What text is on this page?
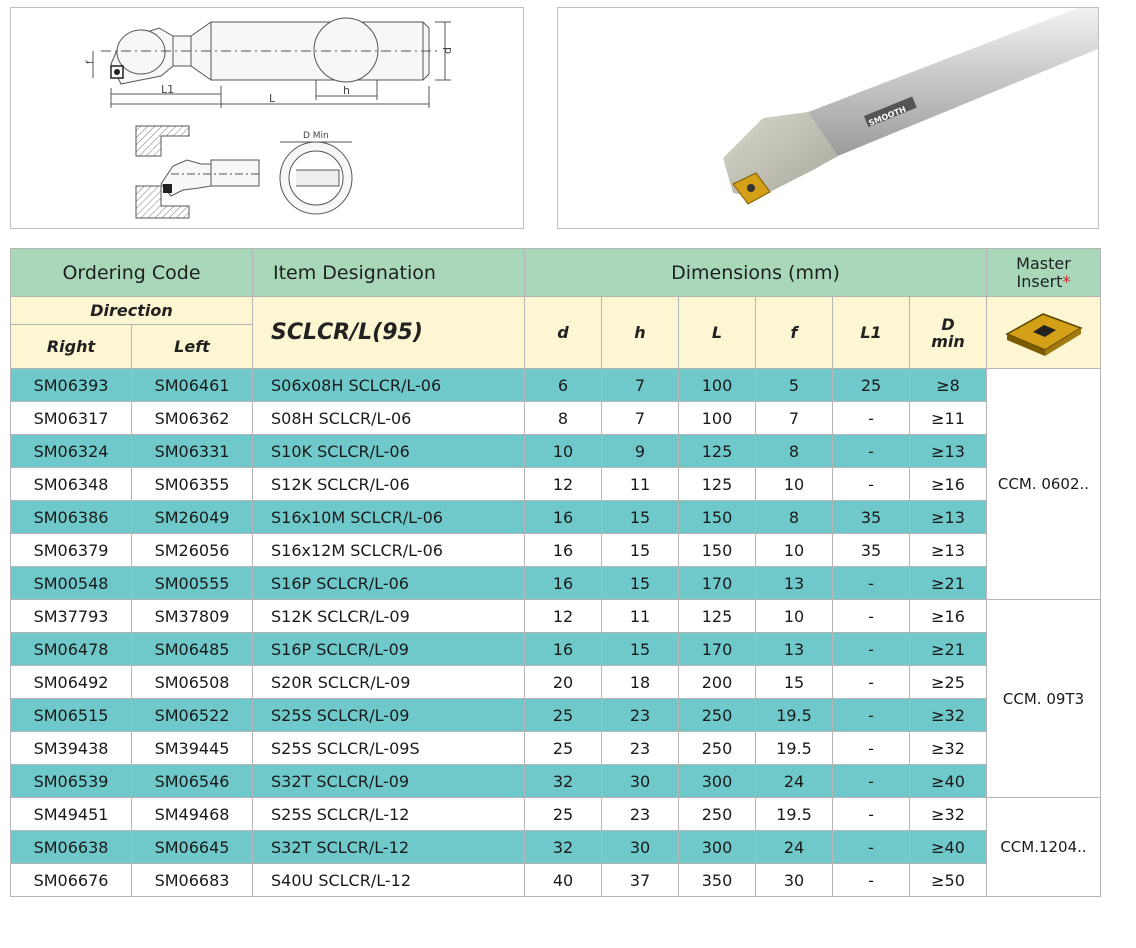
L1
L
h
d
f
D Min
SMOOTH
Ordering Code		Item Designation	Dimensions (mm)						Master
Insert*
Direction		SCLCR/L(95)	d	h	L	f	L1	D
min	
Right	Left								
SM06393	SM06461	S06x08H SCLCR/L-06	6	7	100	5	25	≥8	CCM. 0602..
SM06317	SM06362	S08H SCLCR/L-06	8	7	100	7	-	≥11	
SM06324	SM06331	S10K SCLCR/L-06	10	9	125	8	-	≥13	
SM06348	SM06355	S12K SCLCR/L-06	12	11	125	10	-	≥16	
SM06386	SM26049	S16x10M SCLCR/L-06	16	15	150	8	35	≥13	
SM06379	SM26056	S16x12M SCLCR/L-06	16	15	150	10	35	≥13	
SM00548	SM00555	S16P SCLCR/L-06	16	15	170	13	-	≥21	
SM37793	SM37809	S12K SCLCR/L-09	12	11	125	10	-	≥16	CCM. 09T3
SM06478	SM06485	S16P SCLCR/L-09	16	15	170	13	-	≥21	
SM06492	SM06508	S20R SCLCR/L-09	20	18	200	15	-	≥25	
SM06515	SM06522	S25S SCLCR/L-09	25	23	250	19.5	-	≥32	
SM39438	SM39445	S25S SCLCR/L-09S	25	23	250	19.5	-	≥32	
SM06539	SM06546	S32T SCLCR/L-09	32	30	300	24	-	≥40	
SM49451	SM49468	S25S SCLCR/L-12	25	23	250	19.5	-	≥32	CCM.1204..
SM06638	SM06645	S32T SCLCR/L-12	32	30	300	24	-	≥40	
SM06676	SM06683	S40U SCLCR/L-12	40	37	350	30	-	≥50	
